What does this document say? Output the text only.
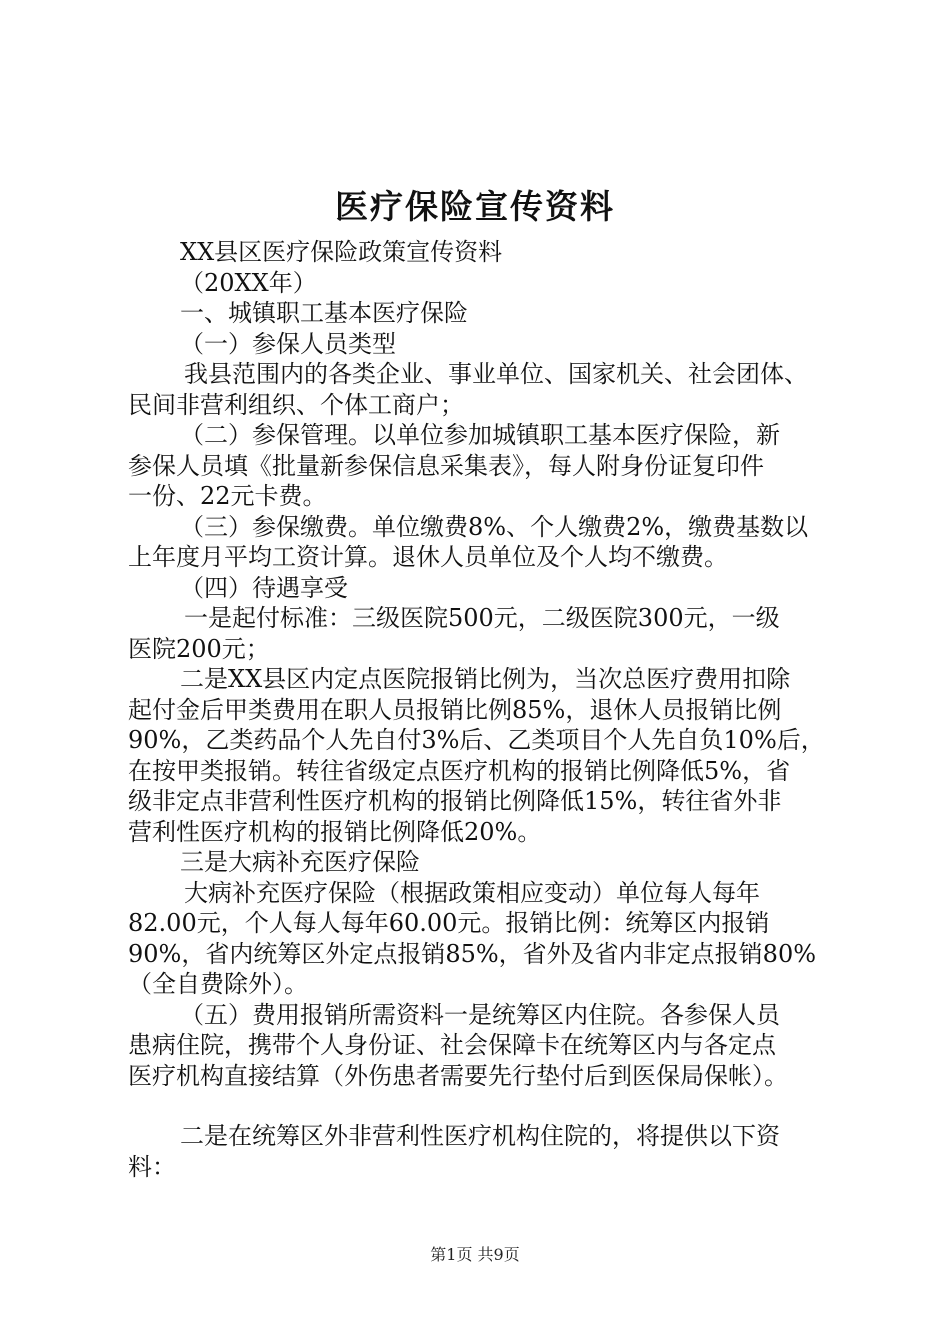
医疗保险宣传资料
XX县区医疗保险政策宣传资料
（20XX年）
一、城镇职工基本医疗保险
（一）参保人员类型
我县范围内的各类企业、事业单位、国家机关、社会团体、
民间非营利组织、个体工商户；
（二）参保管理。以单位参加城镇职工基本医疗保险，新
参保人员填《批量新参保信息采集表》，每人附身份证复印件
一份、22元卡费。
（三）参保缴费。单位缴费8%、个人缴费2%，缴费基数以
上年度月平均工资计算。退休人员单位及个人均不缴费。
（四）待遇享受
一是起付标准：三级医院500元，二级医院300元，一级
医院200元；
二是XX县区内定点医院报销比例为，当次总医疗费用扣除
起付金后甲类费用在职人员报销比例85%，退休人员报销比例
90%，乙类药品个人先自付3%后、乙类项目个人先自负10%后，
在按甲类报销。转往省级定点医疗机构的报销比例降低5%，省
级非定点非营利性医疗机构的报销比例降低15%，转往省外非
营利性医疗机构的报销比例降低20%。
三是大病补充医疗保险
大病补充医疗保险（根据政策相应变动）单位每人每年
82.00元，个人每人每年60.00元。报销比例：统筹区内报销
90%，省内统筹区外定点报销85%，省外及省内非定点报销80%
（全自费除外）。
（五）费用报销所需资料一是统筹区内住院。各参保人员
患病住院，携带个人身份证、社会保障卡在统筹区内与各定点
医疗机构直接结算（外伤患者需要先行垫付后到医保局保帐）。
二是在统筹区外非营利性医疗机构住院的，将提供以下资
料：
第1页 共9页
